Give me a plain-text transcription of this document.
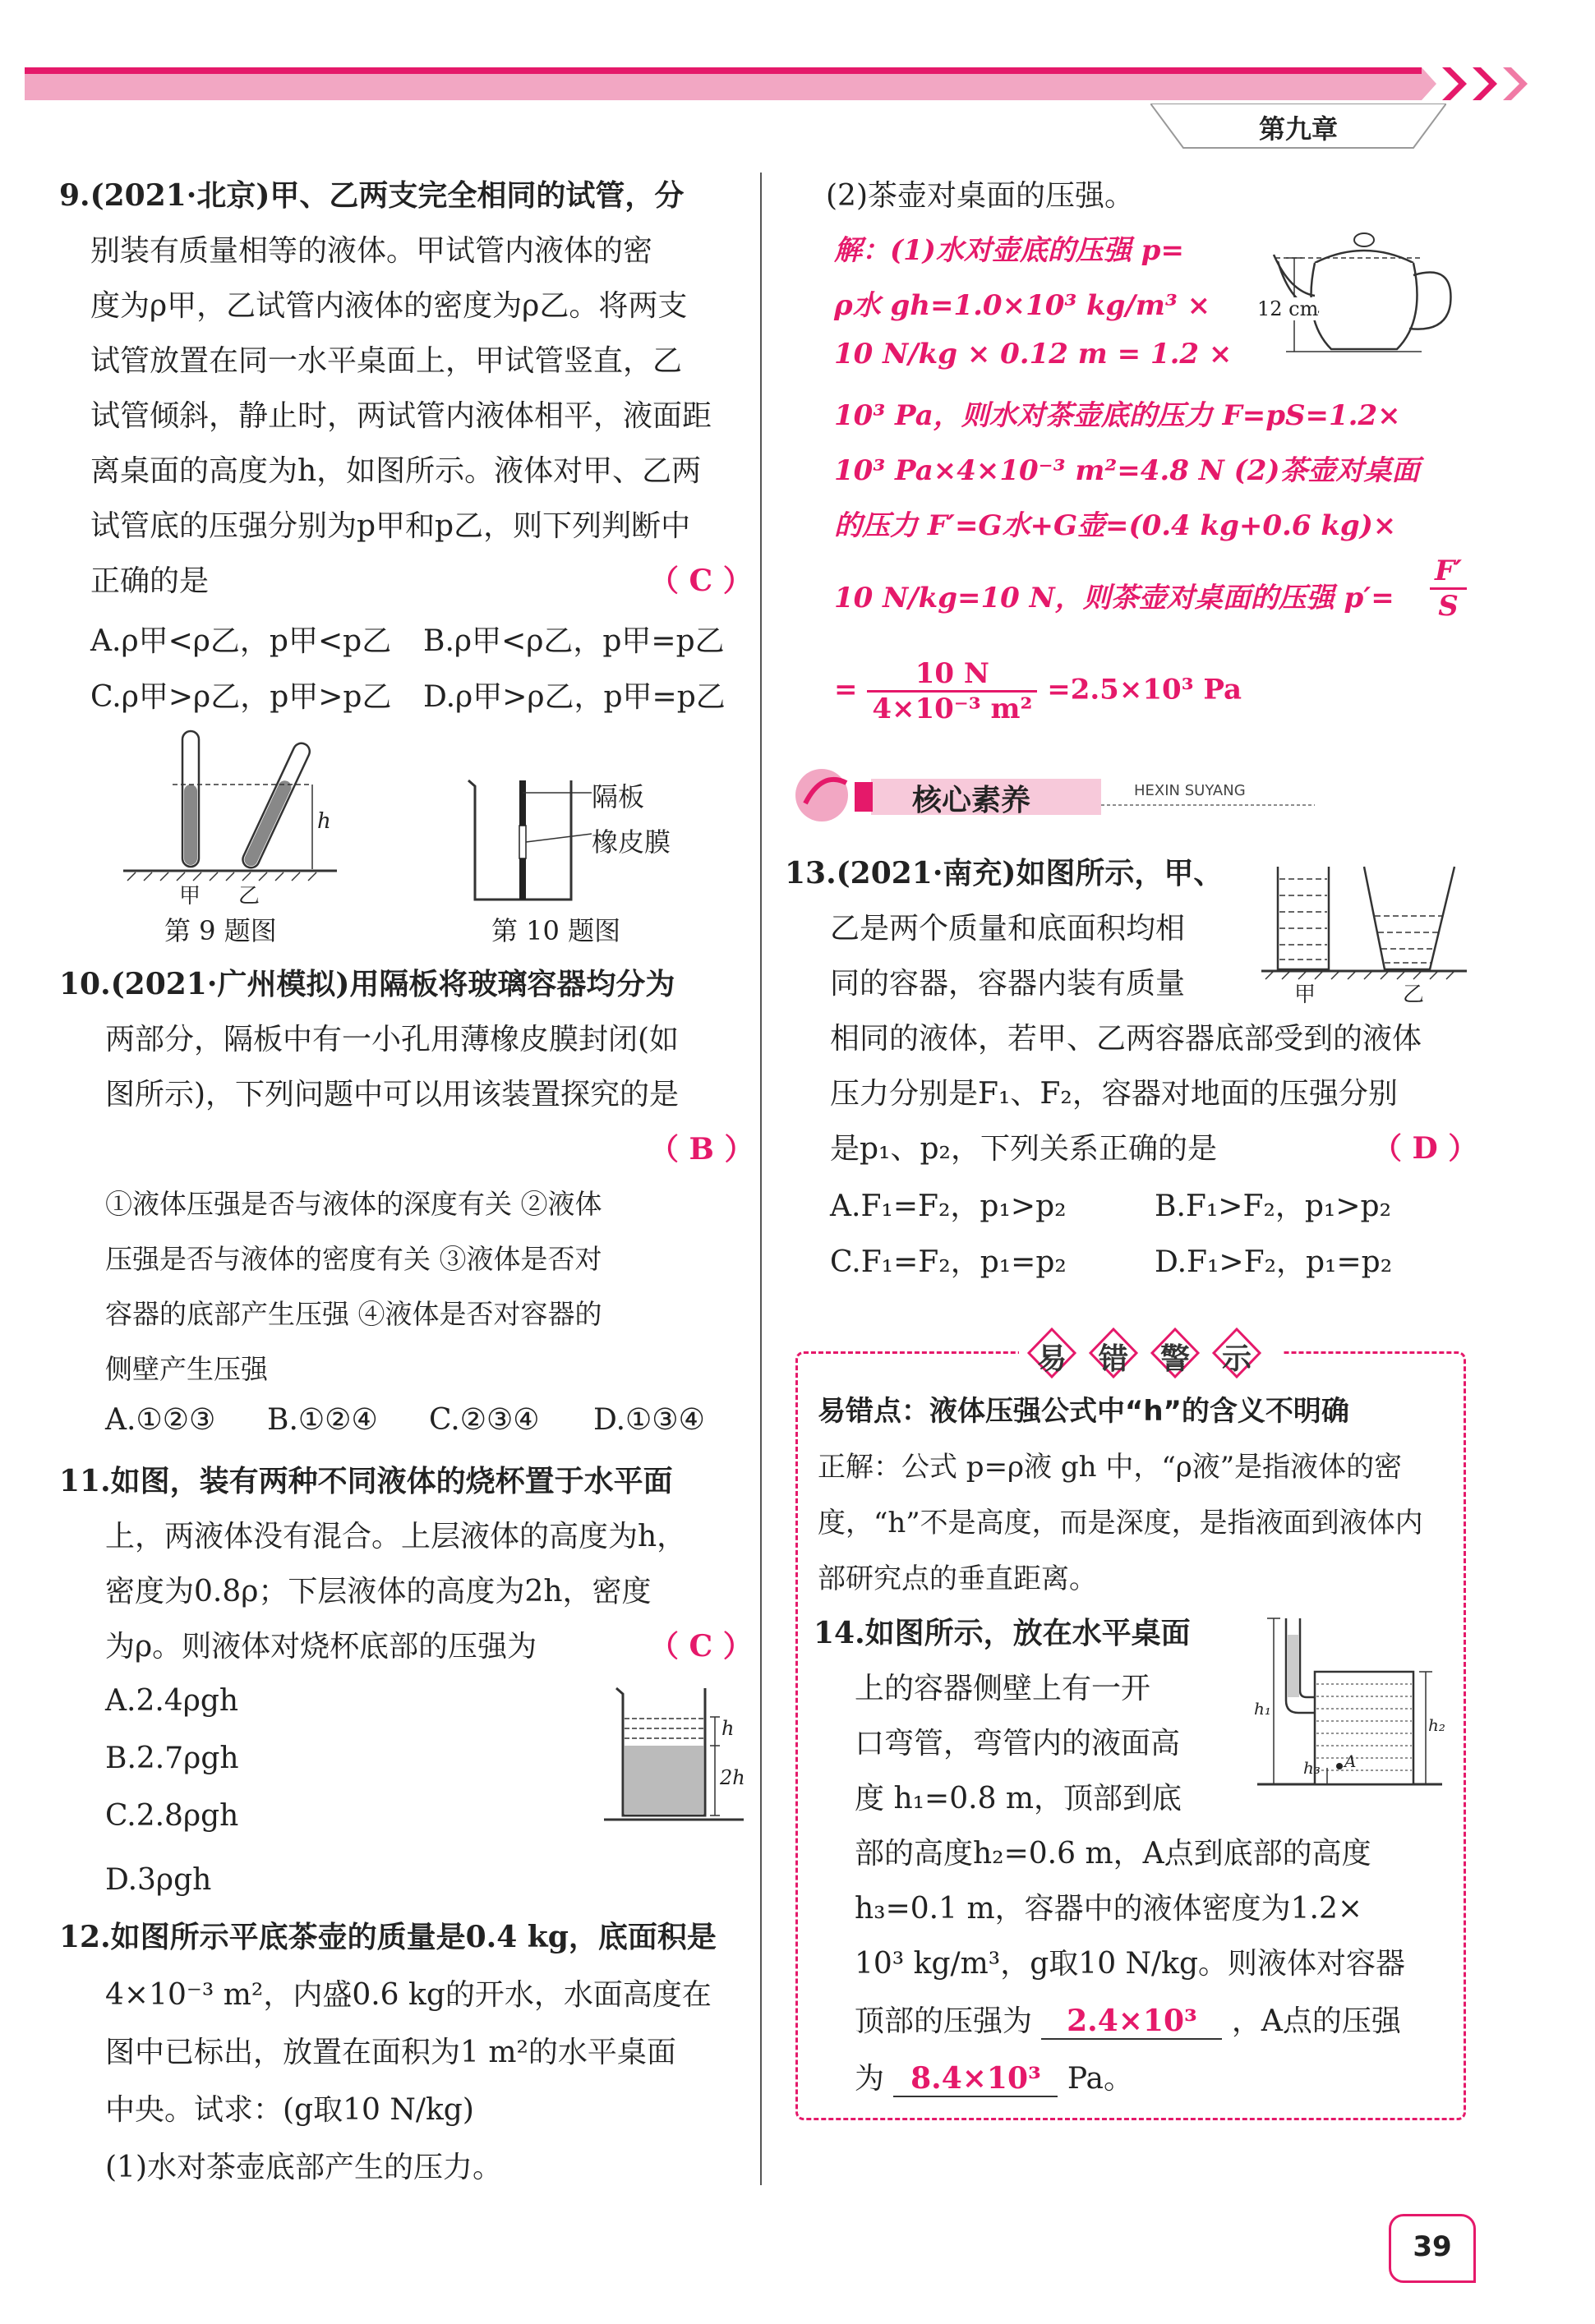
第九章
9.(2021·北京)甲、乙两支完全相同的试管，分
别装有质量相等的液体。甲试管内液体的密
度为ρ甲，乙试管内液体的密度为ρ乙。将两支
试管放置在同一水平桌面上，甲试管竖直，乙
试管倾斜，静止时，两试管内液体相平，液面距
离桌面的高度为h，如图所示。液体对甲、乙两
试管底的压强分别为p甲和p乙，则下列判断中
正确的是	（ C ）
A.ρ甲<ρ乙，p甲<p乙 B.ρ甲<ρ乙，p甲=p乙
C.ρ甲>ρ乙，p甲>p乙 D.ρ甲>ρ乙，p甲=p乙
h
甲 乙
第 9 题图
隔板
橡皮膜
第 10 题图
10.(2021·广州模拟)用隔板将玻璃容器均分为
两部分，隔板中有一小孔用薄橡皮膜封闭(如
图所示)，下列问题中可以用该装置探究的是
（ B ）
①液体压强是否与液体的深度有关 ②液体
压强是否与液体的密度有关 ③液体是否对
容器的底部产生压强 ④液体是否对容器的
侧壁产生压强
A.①②③ B.①②④ C.②③④ D.①③④
11.如图，装有两种不同液体的烧杯置于水平面
上，两液体没有混合。上层液体的高度为h，
密度为0.8ρ；下层液体的高度为2h，密度
为ρ。则液体对烧杯底部的压强为	（ C ）
A.2.4ρgh
B.2.7ρgh
C.2.8ρgh
D.3ρgh
h
2h
12.如图所示平底茶壶的质量是0.4 kg，底面积是
4×10⁻³ m²，内盛0.6 kg的开水，水面高度在
图中已标出，放置在面积为1 m²的水平桌面
中央。试求：(g取10 N/kg)
(1)水对茶壶底部产生的压力。
(2)茶壶对桌面的压强。
解：(1)水对壶底的压强 p=
ρ水 gh=1.0×10³ kg/m³ ×
10 N/kg × 0.12 m = 1.2 ×
10³ Pa，则水对茶壶底的压力 F=pS=1.2×
10³ Pa×4×10⁻³ m²=4.8 N (2)茶壶对桌面
的压力 F′=G水+G壶=(0.4 kg+0.6 kg)×
10 N/kg=10 N，则茶壶对桌面的压强 $p'= \frac{F'}{S}$
= $\frac{10 N}{\text{4×10⁻³ m²}} =2.5\times 10^3$ Pa
12 cm
核心素养	HEXIN SUYANG
13.(2021·南充)如图所示，甲、
乙是两个质量和底面积均相
同的容器，容器内装有质量
相同的液体，若甲、乙两容器底部受到的液体
压力分别是F₁、F₂，容器对地面的压强分别
是p₁、p₂，下列关系正确的是	（ D ）
A.F₁=F₂，p₁>p₂	B.F₁>F₂，p₁>p₂
C.F₁=F₂，p₁=p₂	D.F₁>F₂，p₁=p₂
甲	乙
易 错 警 示
易错点：液体压强公式中“h”的含义不明确
正解：公式 p=ρ液 gh 中，“ρ液”是指液体的密
度，“h”不是高度，而是深度，是指液面到液体内
部研究点的垂直距离。
14.如图所示，放在水平桌面
上的容器侧壁上有一开
口弯管，弯管内的液面高
度 h₁=0.8 m，顶部到底
部的高度h₂=0.6 m，A点到底部的高度
h₃=0.1 m，容器中的液体密度为1.2×
10³ kg/m³，g取10 N/kg。则液体对容器
顶部的压强为 2.4×10³ ，A点的压强
为 8.4×10³ Pa。
h₁
h₂
h₃ A
39
